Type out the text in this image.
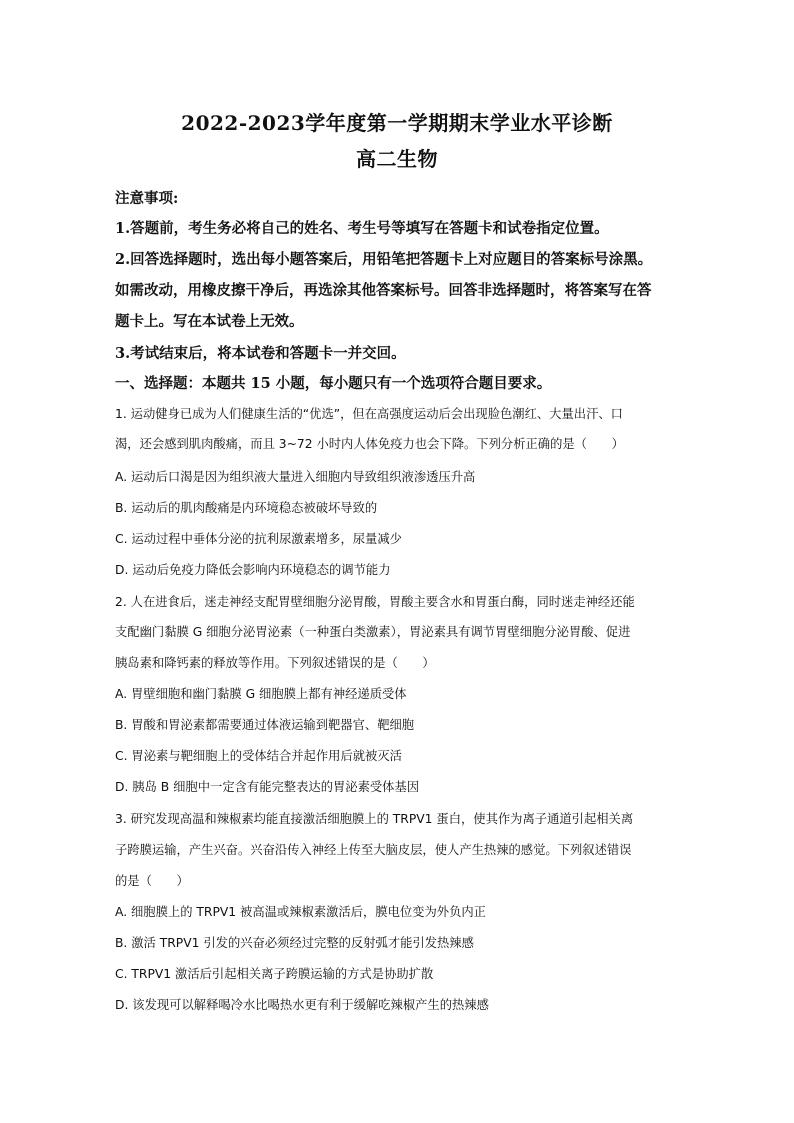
2022-2023学年度第一学期期末学业水平诊断
高二生物
注意事项:
1.答题前，考生务必将自己的姓名、考生号等填写在答题卡和试卷指定位置。
2.回答选择题时，选出每小题答案后，用铅笔把答题卡上对应题目的答案标号涂黑。
如需改动，用橡皮擦干净后，再选涂其他答案标号。回答非选择题时，将答案写在答
题卡上。写在本试卷上无效。
3.考试结束后，将本试卷和答题卡一并交回。
一、选择题：本题共 15 小题，每小题只有一个选项符合题目要求。
1. 运动健身已成为人们健康生活的“优选”，但在高强度运动后会出现脸色潮红、大量出汗、口
渴，还会感到肌肉酸痛，而且 3~72 小时内人体免疫力也会下降。下列分析正确的是（　　）
A. 运动后口渴是因为组织液大量进入细胞内导致组织液渗透压升高
B. 运动后的肌肉酸痛是内环境稳态被破坏导致的
C. 运动过程中垂体分泌的抗利尿激素增多，尿量减少
D. 运动后免疫力降低会影响内环境稳态的调节能力
2. 人在进食后，迷走神经支配胃壁细胞分泌胃酸，胃酸主要含水和胃蛋白酶，同时迷走神经还能
支配幽门黏膜 G 细胞分泌胃泌素（一种蛋白类激素），胃泌素具有调节胃壁细胞分泌胃酸、促进
胰岛素和降钙素的释放等作用。下列叙述错误的是（　　）
A. 胃壁细胞和幽门黏膜 G 细胞膜上都有神经递质受体
B. 胃酸和胃泌素都需要通过体液运输到靶器官、靶细胞
C. 胃泌素与靶细胞上的受体结合并起作用后就被灭活
D. 胰岛 B 细胞中一定含有能完整表达的胃泌素受体基因
3. 研究发现高温和辣椒素均能直接激活细胞膜上的 TRPV1 蛋白，使其作为离子通道引起相关离
子跨膜运输，产生兴奋。兴奋沿传入神经上传至大脑皮层，使人产生热辣的感觉。下列叙述错误
的是（　　）
A. 细胞膜上的 TRPV1 被高温或辣椒素激活后，膜电位变为外负内正
B. 激活 TRPV1 引发的兴奋必须经过完整的反射弧才能引发热辣感
C. TRPV1 激活后引起相关离子跨膜运输的方式是协助扩散
D. 该发现可以解释喝冷水比喝热水更有利于缓解吃辣椒产生的热辣感
